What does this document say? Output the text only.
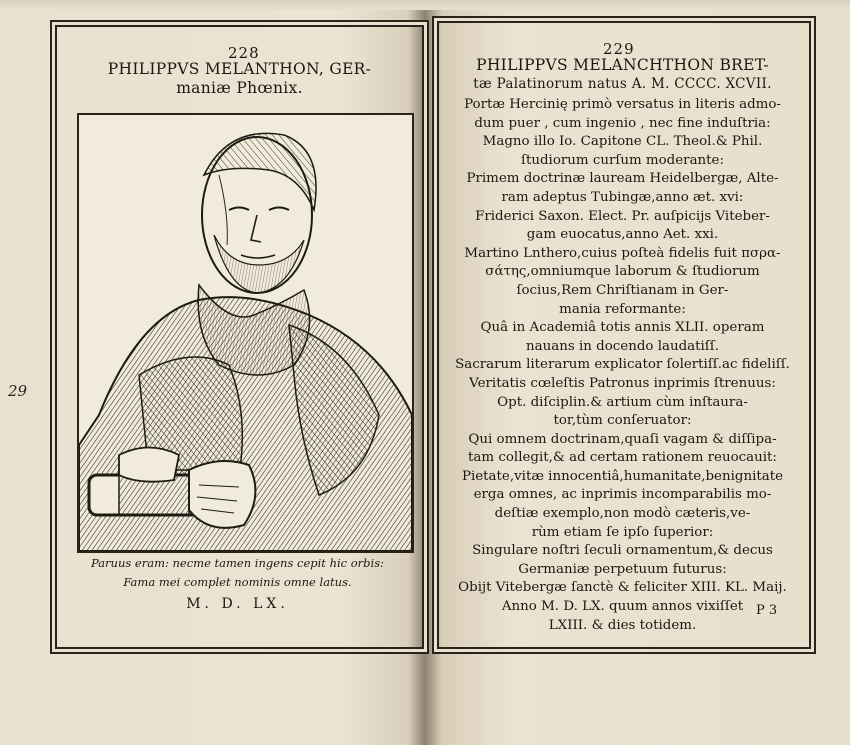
228
PHILIPPVS MELANTHON, GER-
maniæ Phœnix.
Paruus eram: necme tamen ingens cepit hic orbis:
Fama mei complet nominis omne latus.
M. D. LX.
29
229
PHILIPPVS MELANCHTHON BRET-
tæ Palatinorum natus A. M. CCCC. XCVII.
Portæ Hercinię primò versatus in literis admo-
dum puer , cum ingenio , nec fine induſtria:
Magno illo Io. Capitone CL. Theol.& Phil.
ſtudiorum curſum moderante:
Primem doctrinæ lauream Heidelbergæ, Alte-
ram adeptus Tubingæ,anno æt. xvi:
Friderici Saxon. Elect. Pr. auſpicijs Viteber-
gam euocatus,anno Aet. xxi.
Martino Lnthero,cuius poſteà fidelis fuit πσρα-
σάτης,omniumque laborum & ſtudiorum
ſocius,Rem Chriſtianam in Ger-
mania reformante:
Quâ in Academiâ totis annis XLII. operam
nauans in docendo laudatiſſ.
Sacrarum literarum explicator ſolertiſſ.ac fideliſſ.
Veritatis cœleſtis Patronus inprimis ſtrenuus:
Opt. diſciplin.& artium cùm inſtaura-
tor,tùm conſeruator:
Qui omnem doctrinam,quaſi vagam & diſſipa-
tam collegit,& ad certam rationem reuocauit:
Pietate,vitæ innocentiâ,humanitate,benignitate
erga omnes, ac inprimis incomparabilis mo-
deſtiæ exemplo,non modò cæteris,ve-
rùm etiam ſe ipſo ſuperior:
Singulare noſtri ſeculi ornamentum,& decus
Germaniæ perpetuum futurus:
Obijt Vitebergæ ſanctè & feliciter XIII. KL. Maij.
Anno M. D. LX. quum annos vixiſſet
LXIII. & dies totidem.
P 3
